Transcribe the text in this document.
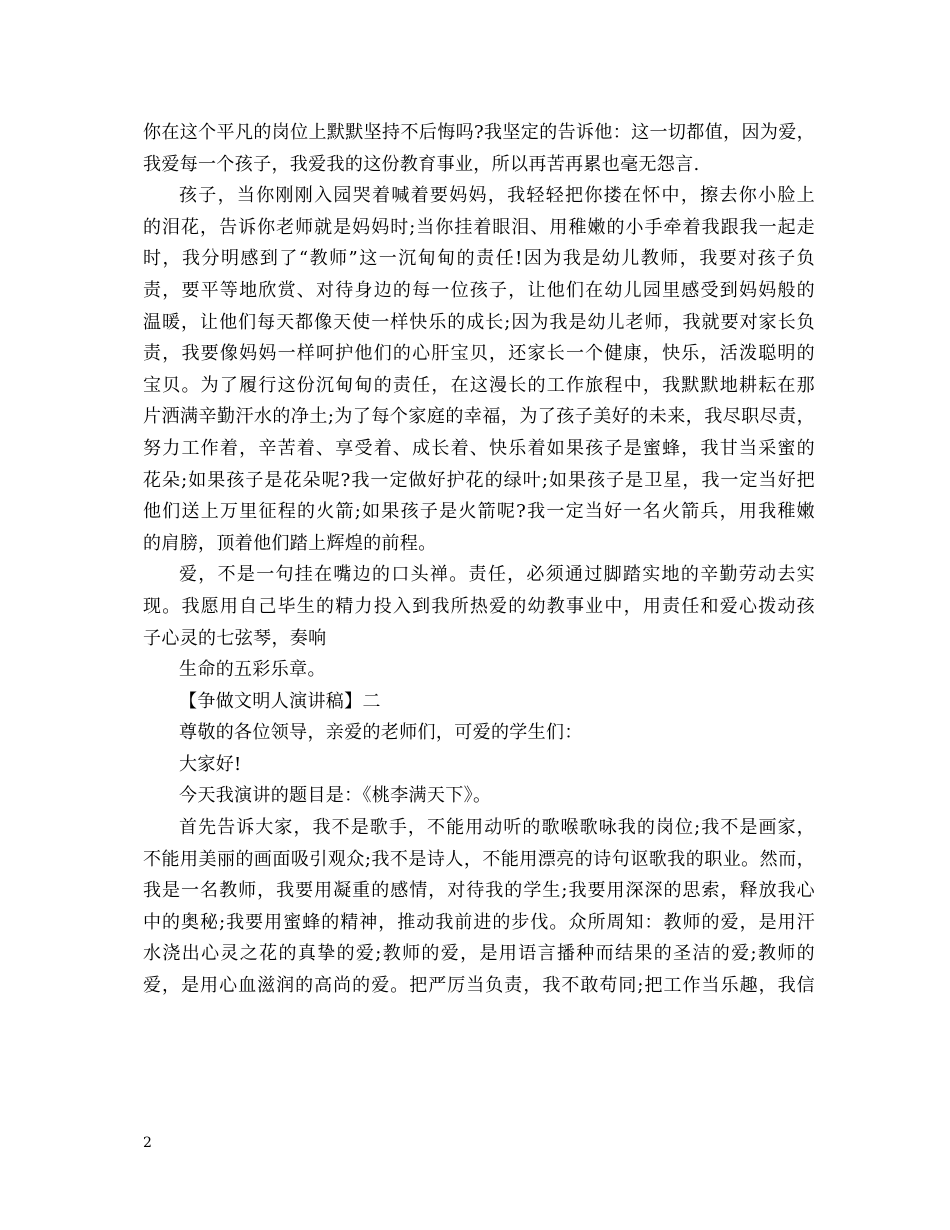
你在这个平凡的岗位上默默坚持不后悔吗?我坚定的告诉他：这一切都值，因为爱，
我爱每一个孩子，我爱我的这份教育事业，所以再苦再累也毫无怨言.
孩子，当你刚刚入园哭着喊着要妈妈，我轻轻把你搂在怀中，擦去你小脸上
的泪花，告诉你老师就是妈妈时;当你挂着眼泪、用稚嫩的小手牵着我跟我一起走
时，我分明感到了“教师”这一沉甸甸的责任!因为我是幼儿教师，我要对孩子负
责，要平等地欣赏、对待身边的每一位孩子，让他们在幼儿园里感受到妈妈般的
温暖，让他们每天都像天使一样快乐的成长;因为我是幼儿老师，我就要对家长负
责，我要像妈妈一样呵护他们的心肝宝贝，还家长一个健康，快乐，活泼聪明的
宝贝。为了履行这份沉甸甸的责任，在这漫长的工作旅程中，我默默地耕耘在那
片洒满辛勤汗水的净土;为了每个家庭的幸福，为了孩子美好的未来，我尽职尽责，
努力工作着，辛苦着、享受着、成长着、快乐着如果孩子是蜜蜂，我甘当采蜜的
花朵;如果孩子是花朵呢?我一定做好护花的绿叶;如果孩子是卫星，我一定当好把
他们送上万里征程的火箭;如果孩子是火箭呢?我一定当好一名火箭兵，用我稚嫩
的肩膀，顶着他们踏上辉煌的前程。
爱，不是一句挂在嘴边的口头禅。责任，必须通过脚踏实地的辛勤劳动去实
现。我愿用自己毕生的精力投入到我所热爱的幼教事业中，用责任和爱心拨动孩
子心灵的七弦琴，奏响
生命的五彩乐章。
【争做文明人演讲稿】二
尊敬的各位领导，亲爱的老师们，可爱的学生们：
大家好!
今天我演讲的题目是：《桃李满天下》。
首先告诉大家，我不是歌手，不能用动听的歌喉歌咏我的岗位;我不是画家，
不能用美丽的画面吸引观众;我不是诗人，不能用漂亮的诗句讴歌我的职业。然而，
我是一名教师，我要用凝重的感情，对待我的学生;我要用深深的思索，释放我心
中的奥秘;我要用蜜蜂的精神，推动我前进的步伐。众所周知：教师的爱，是用汗
水浇出心灵之花的真挚的爱;教师的爱，是用语言播种而结果的圣洁的爱;教师的
爱，是用心血滋润的高尚的爱。把严厉当负责，我不敢苟同;把工作当乐趣，我信
2
